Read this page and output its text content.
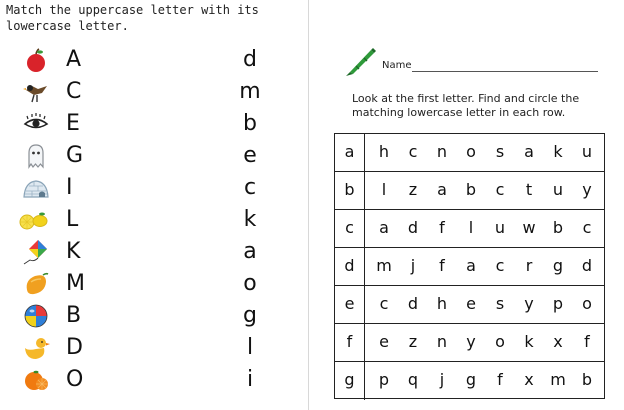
Match the uppercase letter with its lowercase letter.
A	d
C	m
E	b
G	e
I	c
L	k
K	a
M	o
B	g
D	l
O	i
Name
Look at the first letter. Find and circle the matching lowercase letter in each row.
a	h	c	n	o	s	a	k	u
b	l	z	a	b	c	t	u	y
c	a	d	f	l	u	w	b	c
d	m	j	f	a	c	r	g	d
e	c	d	h	e	s	y	p	o
f	e	z	n	y	o	k	x	f
g	p	q	j	g	f	x	m	b
